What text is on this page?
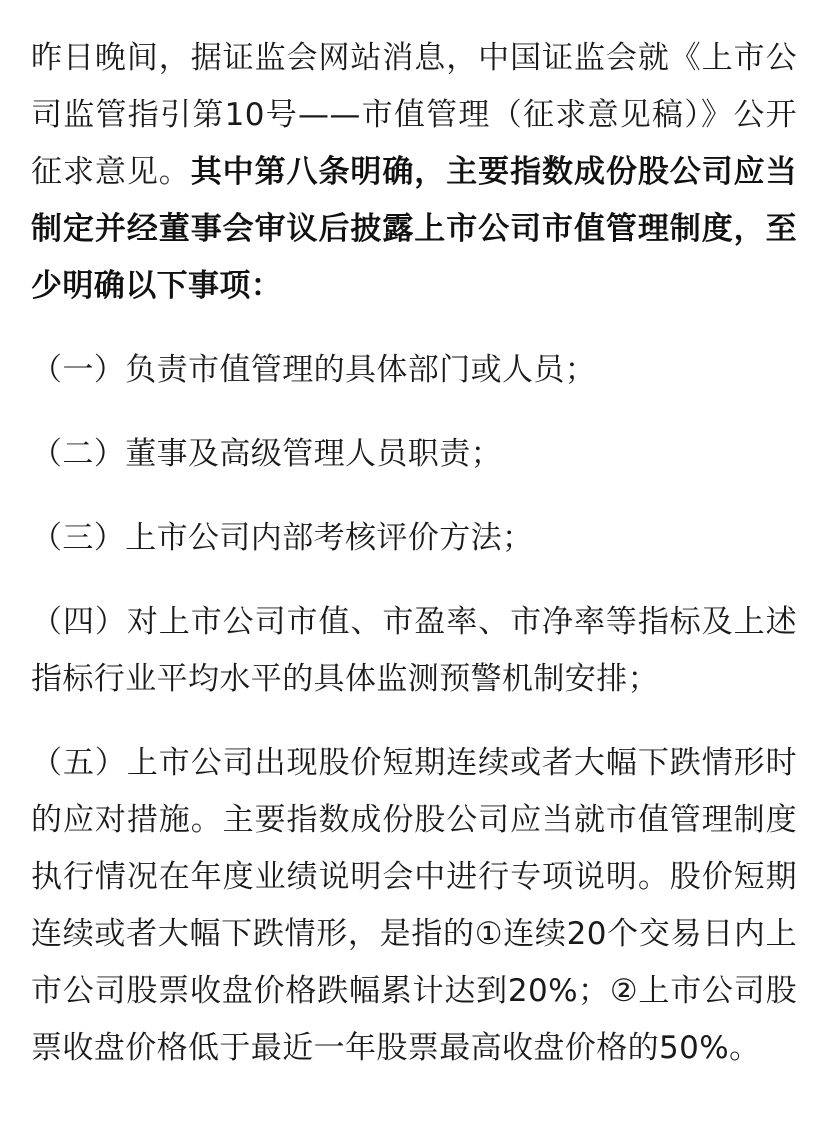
昨日晚间，据证监会网站消息，中国证监会就《上市公司监管指引第10号——市值管理（征求意见稿）》公开征求意见。其中第八条明确，主要指数成份股公司应当制定并经董事会审议后披露上市公司市值管理制度，至少明确以下事项：

（一）负责市值管理的具体部门或人员；

（二）董事及高级管理人员职责；

（三）上市公司内部考核评价方法；

（四）对上市公司市值、市盈率、市净率等指标及上述指标行业平均水平的具体监测预警机制安排；

（五）上市公司出现股价短期连续或者大幅下跌情形时的应对措施。主要指数成份股公司应当就市值管理制度执行情况在年度业绩说明会中进行专项说明。股价短期连续或者大幅下跌情形，是指的①连续20个交易日内上市公司股票收盘价格跌幅累计达到20%；②上市公司股票收盘价格低于最近一年股票最高收盘价格的50%。
